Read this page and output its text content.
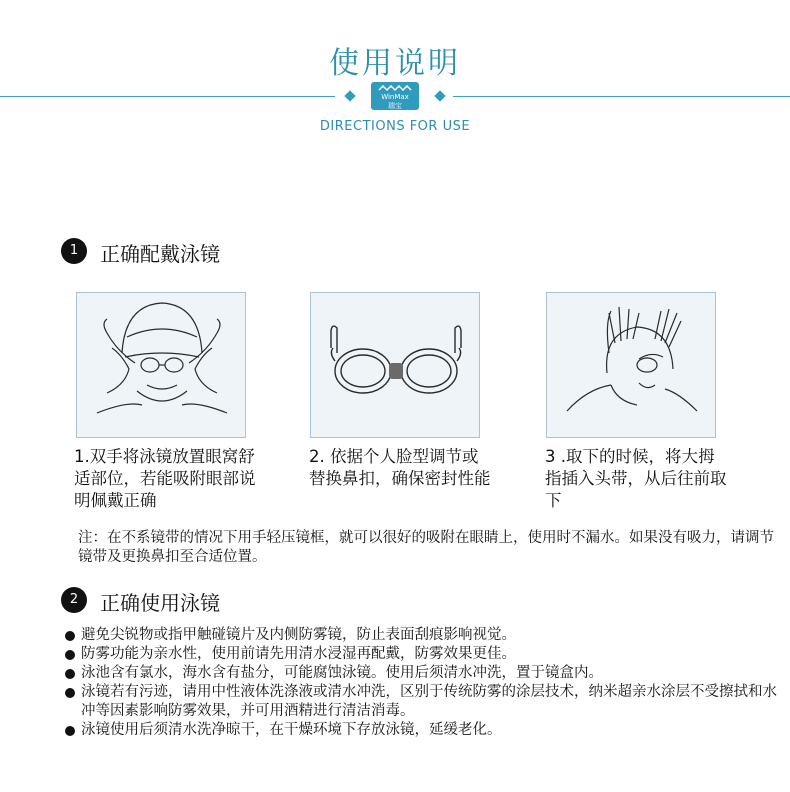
使用说明
WinMax
瑞宝
DIRECTIONS FOR USE
1	正确配戴泳镜
1.双手将泳镜放置眼窝舒适部位，若能吸附眼部说明佩戴正确
2. 依据个人脸型调节或替换鼻扣，确保密封性能
3 .取下的时候，将大拇指插入头带，从后往前取下
注：在不系镜带的情况下用手轻压镜框，就可以很好的吸附在眼睛上，使用时不漏水。如果没有吸力，请调节镜带及更换鼻扣至合适位置。
2	正确使用泳镜
避免尖锐物或指甲触碰镜片及内侧防雾镜，防止表面刮痕影响视觉。
防雾功能为亲水性，使用前请先用清水浸湿再配戴，防雾效果更佳。
泳池含有氯水，海水含有盐分，可能腐蚀泳镜。使用后须清水冲洗，置于镜盒内。
泳镜若有污迹，请用中性液体洗涤液或清水冲洗，区别于传统防雾的涂层技术，纳米超亲水涂层不受擦拭和水冲等因素影响防雾效果，并可用酒精进行清洁消毒。
泳镜使用后须清水洗净晾干，在干燥环境下存放泳镜，延缓老化。
